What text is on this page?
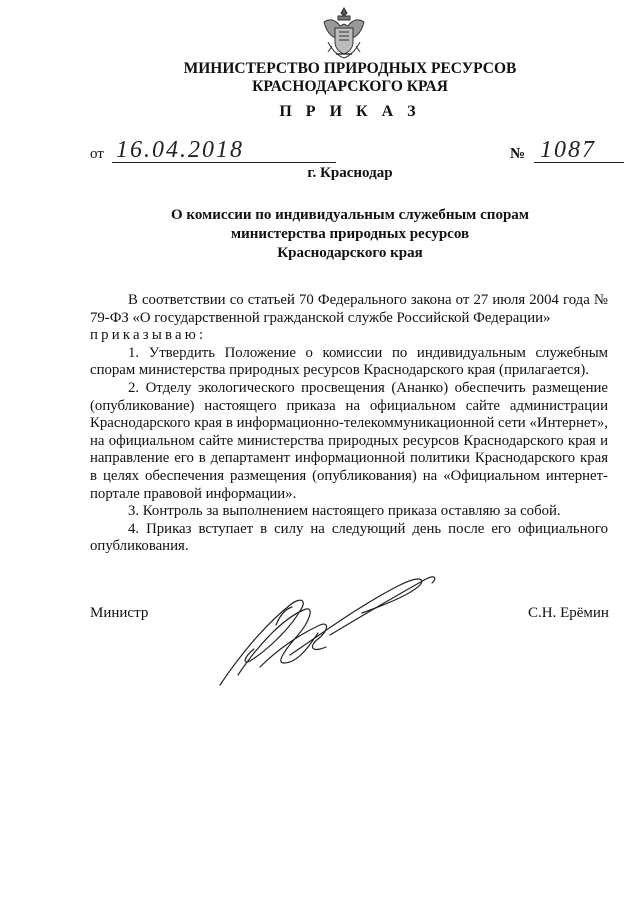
МИНИСТЕРСТВО ПРИРОДНЫХ РЕСУРСОВ
КРАСНОДАРСКОГО КРАЯ
П Р И К А З
от 16.04.2018	№ 1087
г. Краснодар
О комиссии по индивидуальным служебным спорам
министерства природных ресурсов
Краснодарского края

В соответствии со статьей 70 Федерального закона от 27 июля 2004 года № 79-ФЗ «О государственной гражданской службе Российской Федерации»

приказываю:

1. Утвердить Положение о комиссии по индивидуальным служебным спорам министерства природных ресурсов Краснодарского края (прилагается).

2. Отделу экологического просвещения (Ананко) обеспечить размещение (опубликование) настоящего приказа на официальном сайте администрации Краснодарского края в информационно-телекоммуникационной сети «Интернет», на официальном сайте министерства природных ресурсов Краснодарского края и направление его в департамент информационной политики Краснодарского края в целях обеспечения размещения (опубликования) на «Официальном интернет-портале правовой информации».

3. Контроль за выполнением настоящего приказа оставляю за собой.

4. Приказ вступает в силу на следующий день после его официального опубликования.

Министр	С.Н. Ерёмин
